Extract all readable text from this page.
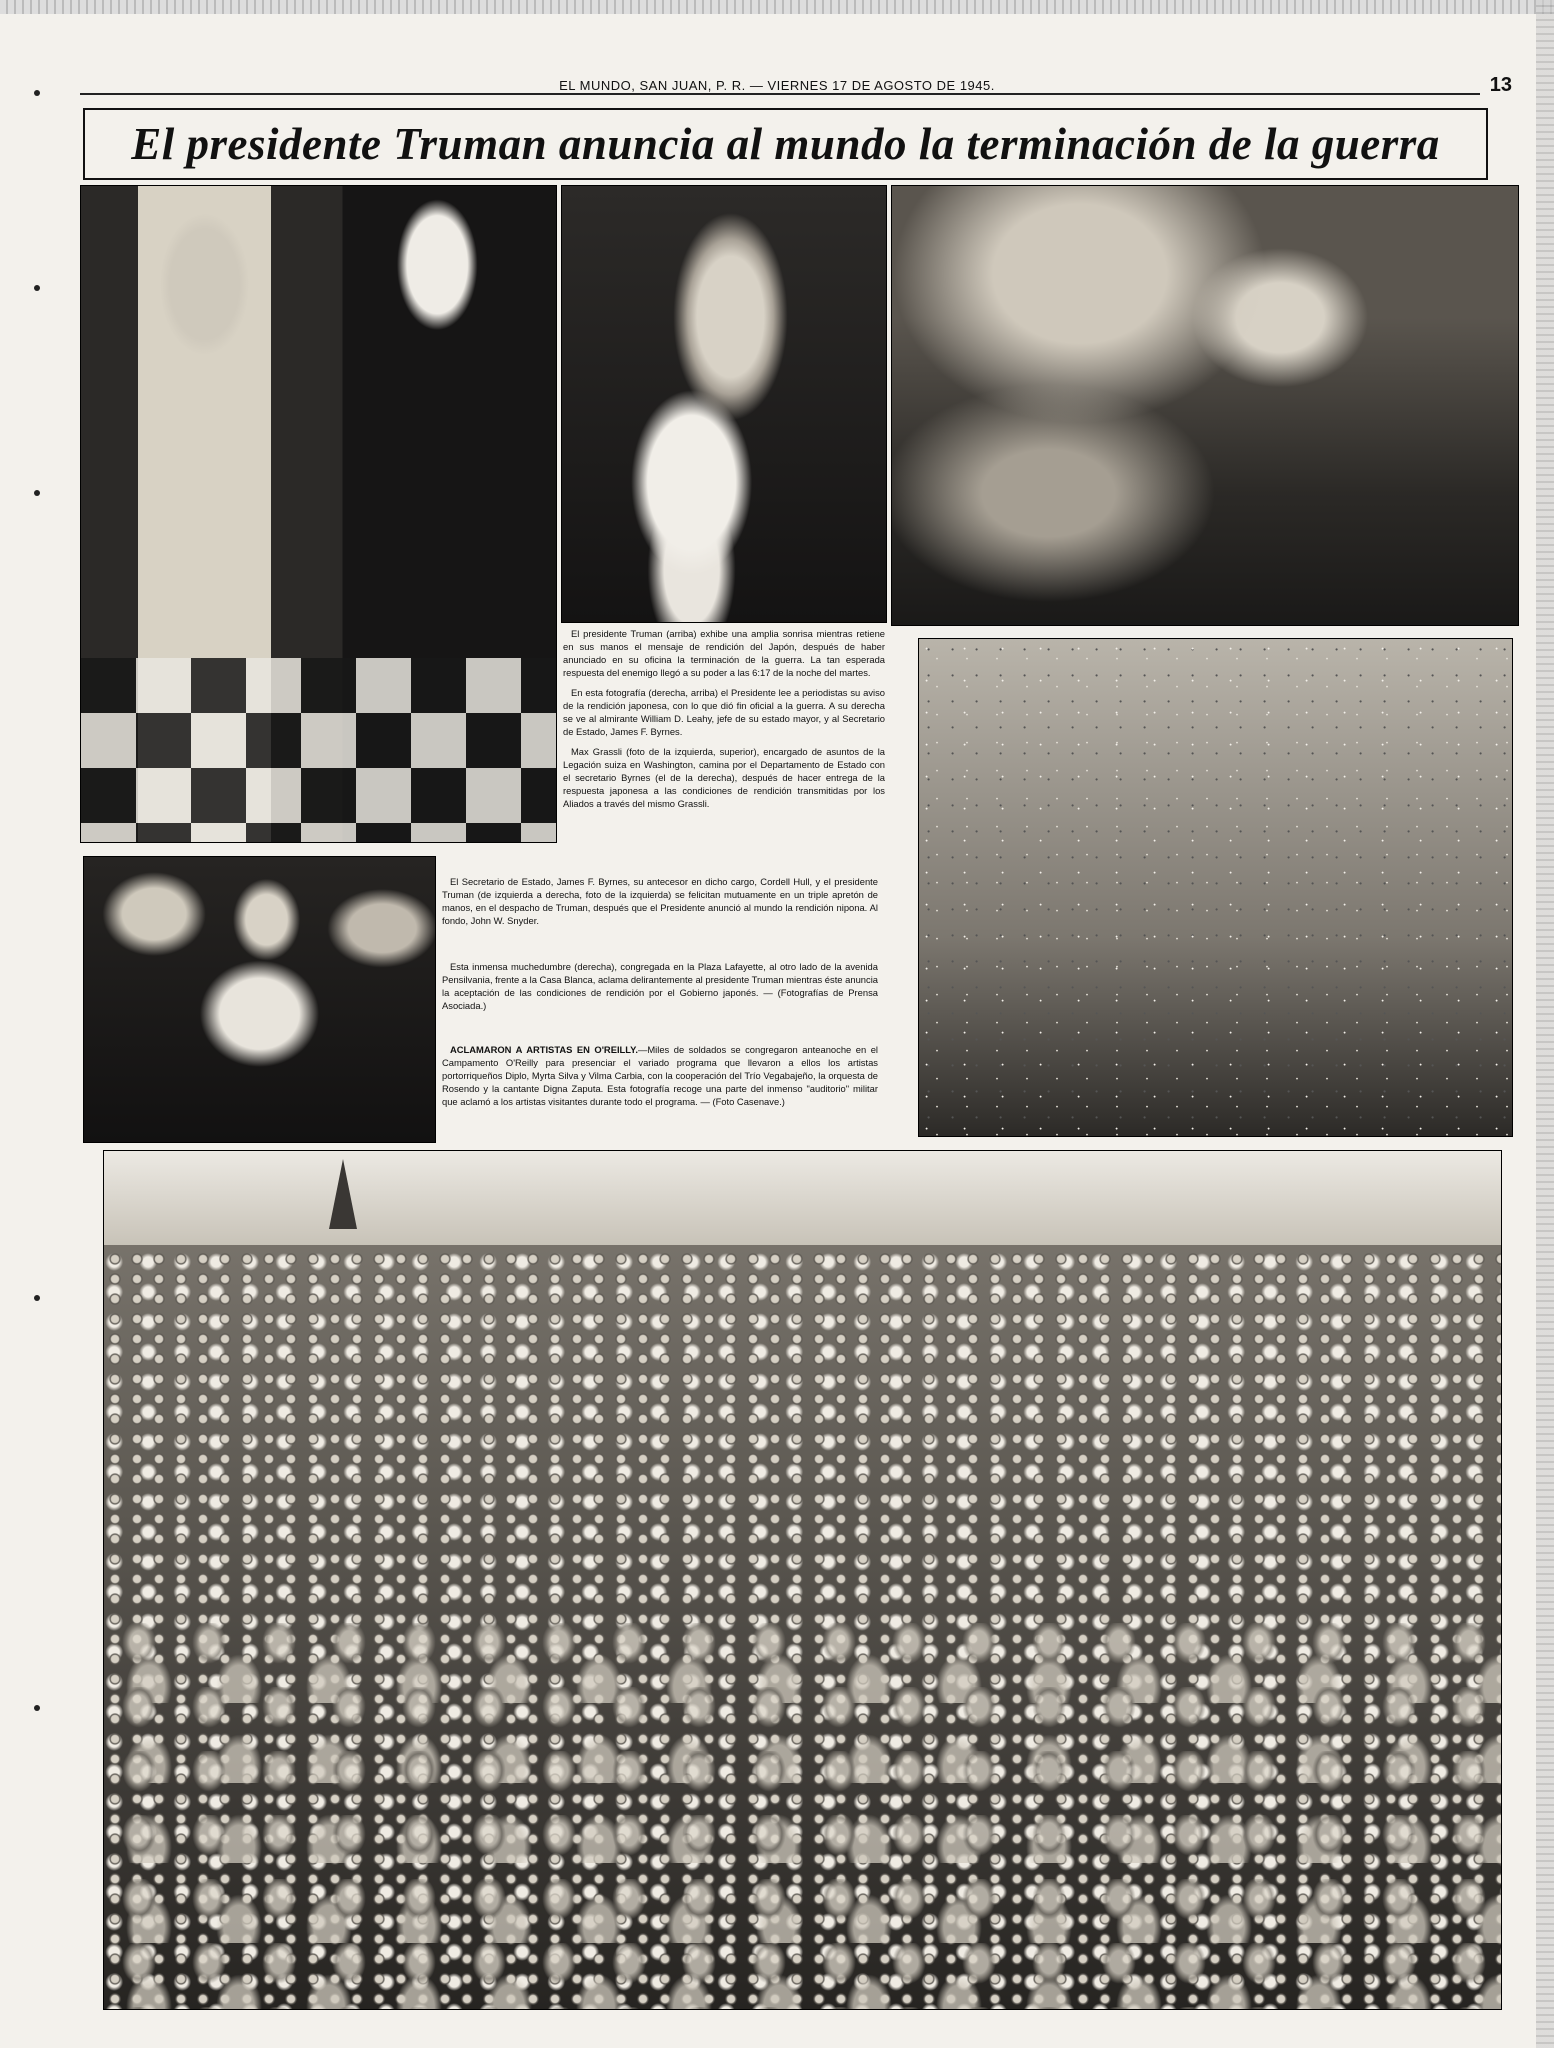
EL MUNDO, SAN JUAN, P. R. — VIERNES 17 DE AGOSTO DE 1945.	13
El presidente Truman anuncia al mundo la terminación de la guerra

El presidente Truman (arriba) exhibe una amplia sonrisa mientras retiene en sus manos el mensaje de rendición del Japón, después de haber anunciado en su oficina la terminación de la guerra. La tan esperada respuesta del enemigo llegó a su poder a las 6:17 de la noche del martes.

En esta fotografía (derecha, arriba) el Presidente lee a periodistas su aviso de la rendición japonesa, con lo que dió fin oficial a la guerra. A su derecha se ve al almirante William D. Leahy, jefe de su estado mayor, y al Secretario de Estado, James F. Byrnes.

Max Grassli (foto de la izquierda, superior), encargado de asuntos de la Legación suiza en Washington, camina por el Departamento de Estado con el secretario Byrnes (el de la derecha), después de hacer entrega de la respuesta japonesa a las condiciones de rendición transmitidas por los Aliados a través del mismo Grassli.

El Secretario de Estado, James F. Byrnes, su antecesor en dicho cargo, Cordell Hull, y el presidente Truman (de izquierda a derecha, foto de la izquierda) se felicitan mutuamente en un triple apretón de manos, en el despacho de Truman, después que el Presidente anunció al mundo la rendición nipona. Al fondo, John W. Snyder.

Esta inmensa muchedumbre (derecha), congregada en la Plaza Lafayette, al otro lado de la avenida Pensilvania, frente a la Casa Blanca, aclama delirantemente al presidente Truman mientras éste anuncia la aceptación de las condiciones de rendición por el Gobierno japonés. — (Fotografías de Prensa Asociada.)

ACLAMARON A ARTISTAS EN O'REILLY.—Miles de soldados se congregaron anteanoche en el Campamento O'Reilly para presenciar el variado programa que llevaron a ellos los artistas portorriqueños Diplo, Myrta Silva y Vilma Carbia, con la cooperación del Trío Vegabajeño, la orquesta de Rosendo y la cantante Digna Zaputa. Esta fotografía recoge una parte del inmenso "auditorio" militar que aclamó a los artistas visitantes durante todo el programa. — (Foto Casenave.)
